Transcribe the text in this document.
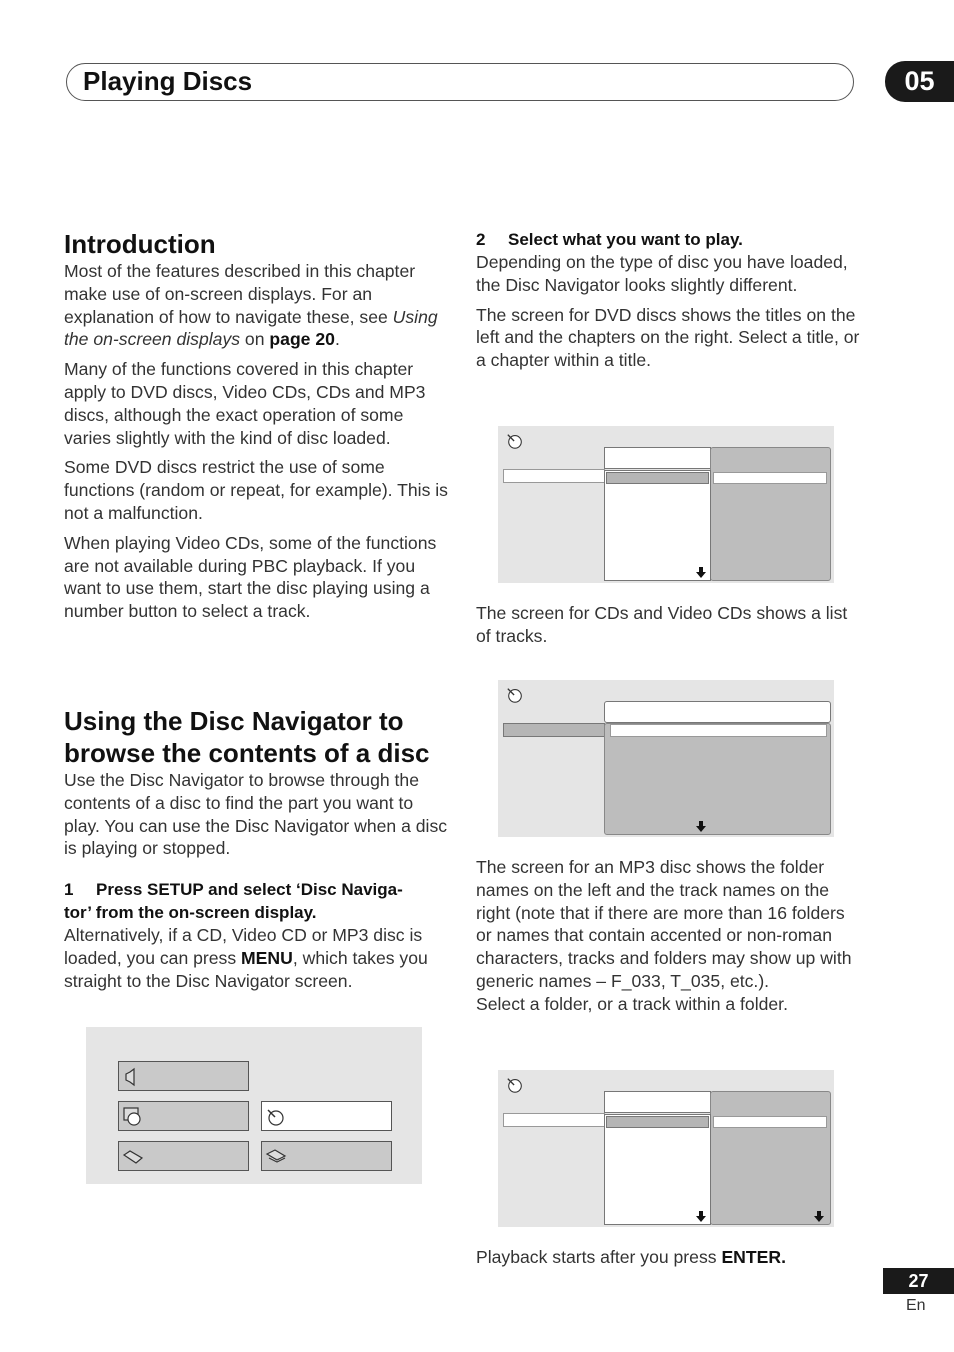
Playing Discs	05
Introduction

Most of the features described in this chapter make use of on-screen displays. For an explanation of how to navigate these, see Using the on-screen displays on page 20.

Many of the functions covered in this chapter apply to DVD discs, Video CDs, CDs and MP3 discs, although the exact operation of some varies slightly with the kind of disc loaded.

Some DVD discs restrict the use of some functions (random or repeat, for example). This is not a malfunction.

When playing Video CDs, some of the functions are not available during PBC playback. If you want to use them, start the disc playing using a number button to select a track.

Using the Disc Navigator to
browse the contents of a disc

Use the Disc Navigator to browse through the contents of a disc to find the part you want to play. You can use the Disc Navigator when a disc is playing or stopped.

1 Press SETUP and select ‘Disc Naviga-
tor’ from the on-screen display.

Alternatively, if a CD, Video CD or MP3 disc is loaded, you can press MENU, which takes you straight to the Disc Navigator screen.

2 Select what you want to play.

Depending on the type of disc you have loaded, the Disc Navigator looks slightly different.

The screen for DVD discs shows the titles on the left and the chapters on the right. Select a title, or a chapter within a title.

The screen for CDs and Video CDs shows a list of tracks.

The screen for an MP3 disc shows the folder names on the left and the track names on the right (note that if there are more than 16 folders or names that contain accented or non-roman characters, tracks and folders may show up with generic names – F_033, T_035, etc.).
Select a folder, or a track within a folder.

Playback starts after you press ENTER.

27
En
